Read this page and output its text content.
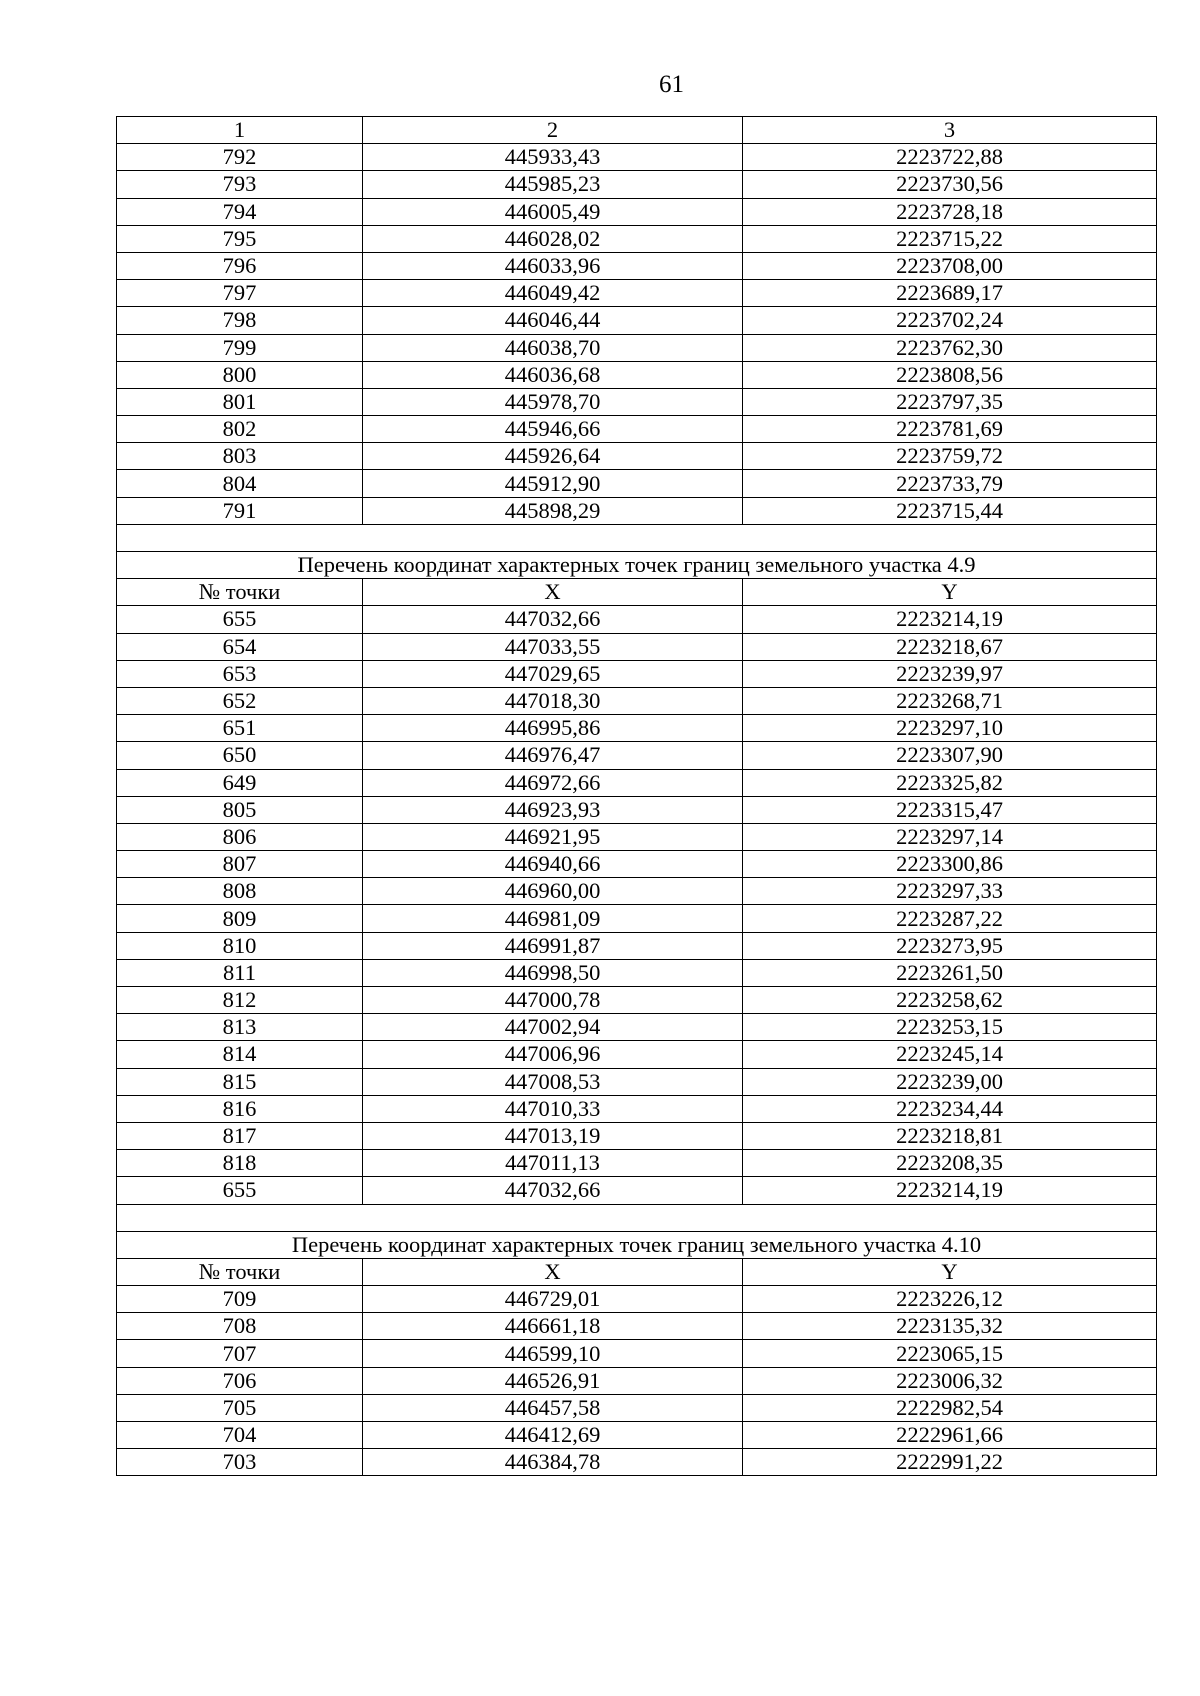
61
1	2	3
792	445933,43	2223722,88
793	445985,23	2223730,56
794	446005,49	2223728,18
795	446028,02	2223715,22
796	446033,96	2223708,00
797	446049,42	2223689,17
798	446046,44	2223702,24
799	446038,70	2223762,30
800	446036,68	2223808,56
801	445978,70	2223797,35
802	445946,66	2223781,69
803	445926,64	2223759,72
804	445912,90	2223733,79
791	445898,29	2223715,44

Перечень координат характерных точек границ земельного участка 4.9		
№ точки	X	Y
655	447032,66	2223214,19
654	447033,55	2223218,67
653	447029,65	2223239,97
652	447018,30	2223268,71
651	446995,86	2223297,10
650	446976,47	2223307,90
649	446972,66	2223325,82
805	446923,93	2223315,47
806	446921,95	2223297,14
807	446940,66	2223300,86
808	446960,00	2223297,33
809	446981,09	2223287,22
810	446991,87	2223273,95
811	446998,50	2223261,50
812	447000,78	2223258,62
813	447002,94	2223253,15
814	447006,96	2223245,14
815	447008,53	2223239,00
816	447010,33	2223234,44
817	447013,19	2223218,81
818	447011,13	2223208,35
655	447032,66	2223214,19

Перечень координат характерных точек границ земельного участка 4.10		
№ точки	X	Y
709	446729,01	2223226,12
708	446661,18	2223135,32
707	446599,10	2223065,15
706	446526,91	2223006,32
705	446457,58	2222982,54
704	446412,69	2222961,66
703	446384,78	2222991,22
